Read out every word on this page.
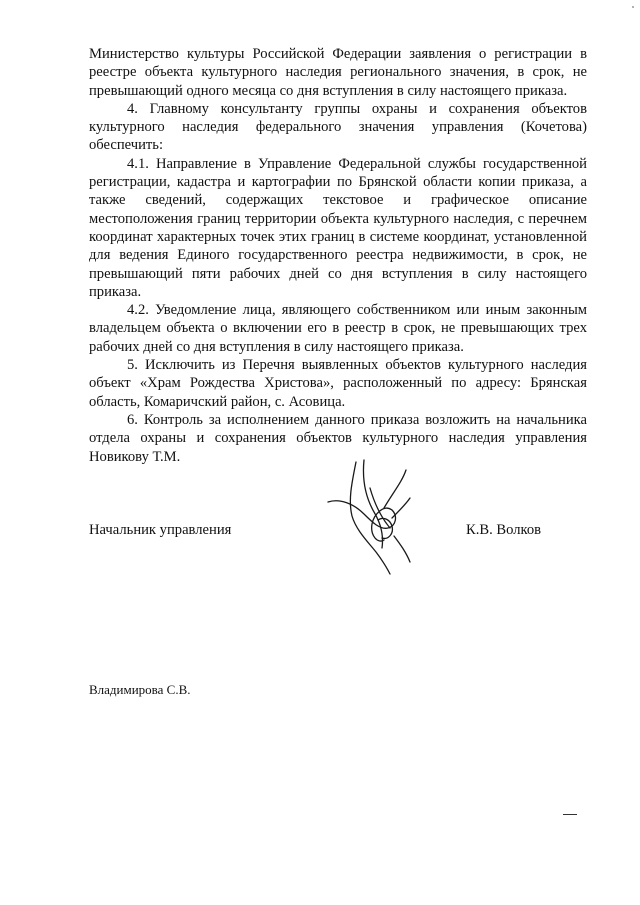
Министерство культуры Российской Федерации заявления о регистрации в реестре объекта культурного наследия регионального значения, в срок, не превышающий одного месяца со дня вступления в силу настоящего приказа.

4. Главному консультанту группы охраны и сохранения объектов культурного наследия федерального значения управления (Кочетова) обеспечить:

4.1. Направление в Управление Федеральной службы государственной регистрации, кадастра и картографии по Брянской области копии приказа, а также сведений, содержащих текстовое и графическое описание местоположения границ территории объекта культурного наследия, с перечнем координат характерных точек этих границ в системе координат, установленной для ведения Единого государственного реестра недвижимости, в срок, не превышающий пяти рабочих дней со дня вступления в силу настоящего приказа.

4.2. Уведомление лица, являющего собственником или иным законным владельцем объекта о включении его в реестр в срок, не превышающих трех рабочих дней со дня вступления в силу настоящего приказа.

5. Исключить из Перечня выявленных объектов культурного наследия объект «Храм Рождества Христова», расположенный по адресу: Брянская область, Комаричский район, с. Асовица.

6. Контроль за исполнением данного приказа возложить на начальника отдела охраны и сохранения объектов культурного наследия управления Новикову Т.М.

Начальник управления	К.В. Волков
Владимирова С.В.
